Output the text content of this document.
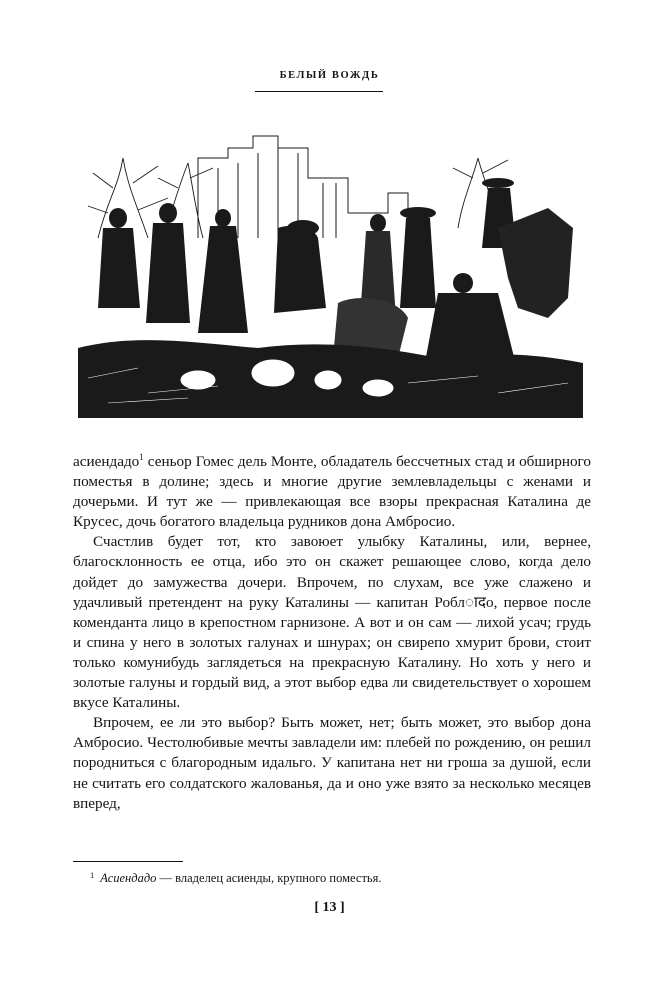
БЕЛЫЙ ВОЖДЬ

асиендадо$^1$ сеньор Гомес дель Монте, обладатель бессчетных стад и обширного поместья в долине; здесь и многие другие землевладельцы с женами и дочерьми. И тут же — привлекающая все взоры прекрасная Каталина де Крусес, дочь богатого владельца рудников дона Амбросио.

Счастлив будет тот, кто завоюет улыбку Каталины, или, вернее, благосклонность ее отца, ибо это он скажет решающее слово, когда дело дойдет до замужества дочери. Впрочем, по слухам, все уже слажено и удачливый претендент на руку Каталины — капитан Роблादо, первое после коменданта лицо в крепостном гарнизоне. А вот и он сам — лихой усач; грудь и спина у него в золотых галунах и шнурах; он свирепо хмурит брови, стоит только комунибудь заглядеться на прекрасную Каталину. Но хоть у него и золотые галуны и гордый вид, а этот выбор едва ли свидетельствует о хорошем вкусе Каталины.

Впрочем, ее ли это выбор? Быть может, нет; быть может, это выбор дона Амбросио. Честолюбивые мечты завладели им: плебей по рождению, он решил породниться с благородным идальго. У капитана нет ни гроша за душой, если не считать его солдатского жалованья, да и оно уже взято за несколько месяцев вперед,

$^1$ Асиендадо — владелец асиенды, крупного поместья.
[ 13 ]
